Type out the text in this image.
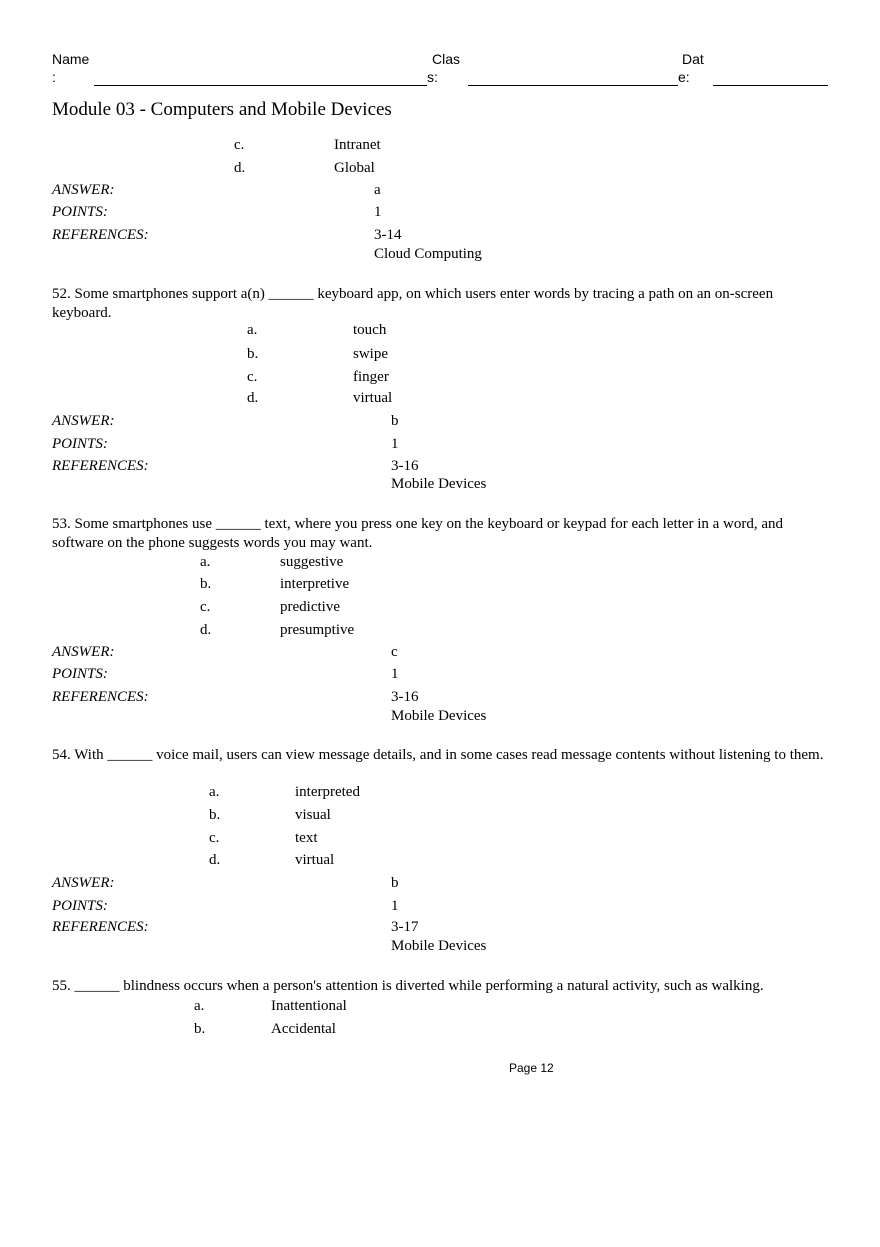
Name
:
Clas
s:
Dat
e:
Module 03 - Computers and Mobile Devices
c.	Intranet
d.	Global
ANSWER:	a
POINTS:	1
REFERENCES:	3-14
Cloud Computing
52. Some smartphones support a(n) ______ keyboard app, on which users enter words by tracing a path on an on-screen keyboard.
a.	touch
b.	swipe
c.	finger
d.	virtual
ANSWER:	b
POINTS:	1
REFERENCES:	3-16
Mobile Devices
53. Some smartphones use ______ text, where you press one key on the keyboard or keypad for each letter in a word, and software on the phone suggests words you may want.
a.	suggestive
b.	interpretive
c.	predictive
d.	presumptive
ANSWER:	c
POINTS:	1
REFERENCES:	3-16
Mobile Devices
54. With ______ voice mail, users can view message details, and in some cases read message contents without listening to them.
a.	interpreted
b.	visual
c.	text
d.	virtual
ANSWER:	b
POINTS:	1
REFERENCES:	3-17
Mobile Devices
55. ______ blindness occurs when a person's attention is diverted while performing a natural activity, such as walking.
a.	Inattentional
b.	Accidental
Page 12
